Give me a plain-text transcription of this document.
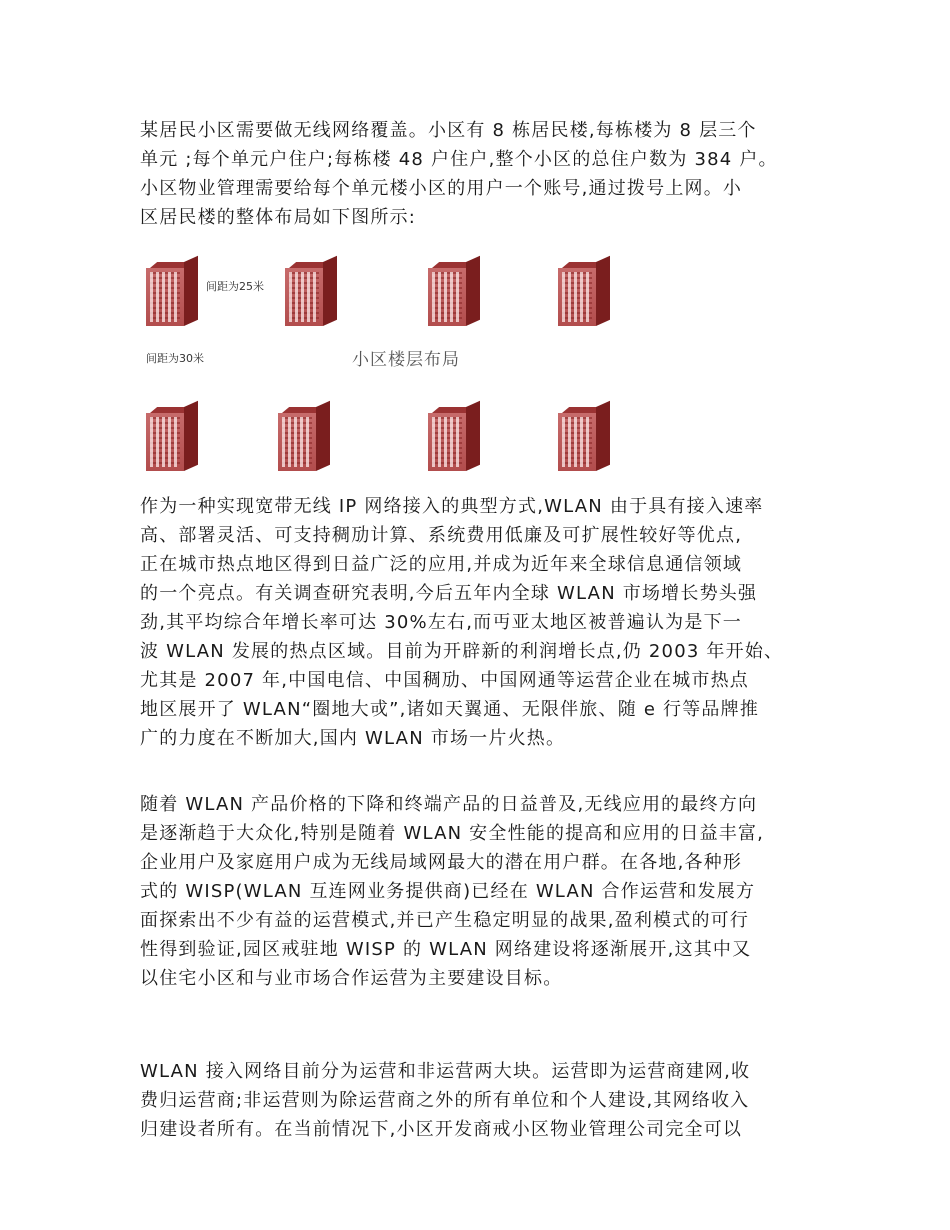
某居民小区需要做无线网络覆盖。小区有 8 栋居民楼,每栋楼为 8 层三个
单元 ;每个单元户住户;每栋楼 48 户住户,整个小区的总住户数为 384 户。
小区物业管理需要给每个单元楼小区的用户一个账号,通过拨号上网。小
区居民楼的整体布局如下图所示:

间距为25米
间距为30米	小区楼层布局

作为一种实现宽带无线 IP 网络接入的典型方式,WLAN 由于具有接入速率
高、部署灵活、可支持稠劢计算、系统费用低廉及可扩展性较好等优点,
正在城市热点地区得到日益广泛的应用,并成为近年来全球信息通信领域
的一个亮点。有关调查研究表明,今后五年内全球 WLAN 市场增长势头强
劲,其平均综合年增长率可达 30%左右,而丏亚太地区被普遍认为是下一
波 WLAN 发展的热点区域。目前为开辟新的利润增长点,仍 2003 年开始、
尤其是 2007 年,中国电信、中国稠劢、中国网通等运营企业在城市热点
地区展开了 WLAN“圈地大戓”,诸如天翼通、无限伴旅、随 e 行等品牌推
广的力度在不断加大,国内 WLAN 市场一片火热。

随着 WLAN 产品价格的下降和终端产品的日益普及,无线应用的最终方向
是逐渐趋于大众化,特别是随着 WLAN 安全性能的提高和应用的日益丰富,
企业用户及家庭用户成为无线局域网最大的潜在用户群。在各地,各种形
式的 WISP(WLAN 互连网业务提供商)已经在 WLAN 合作运营和发展方
面探索出不少有益的运营模式,并已产生稳定明显的战果,盈利模式的可行
性得到验证,园区戒驻地 WISP 的 WLAN 网络建设将逐渐展开,这其中又
以住宅小区和与业市场合作运营为主要建设目标。

WLAN 接入网络目前分为运营和非运营两大块。运营即为运营商建网,收
费归运营商;非运营则为除运营商之外的所有单位和个人建设,其网络收入
归建设者所有。在当前情况下,小区开发商戒小区物业管理公司完全可以
